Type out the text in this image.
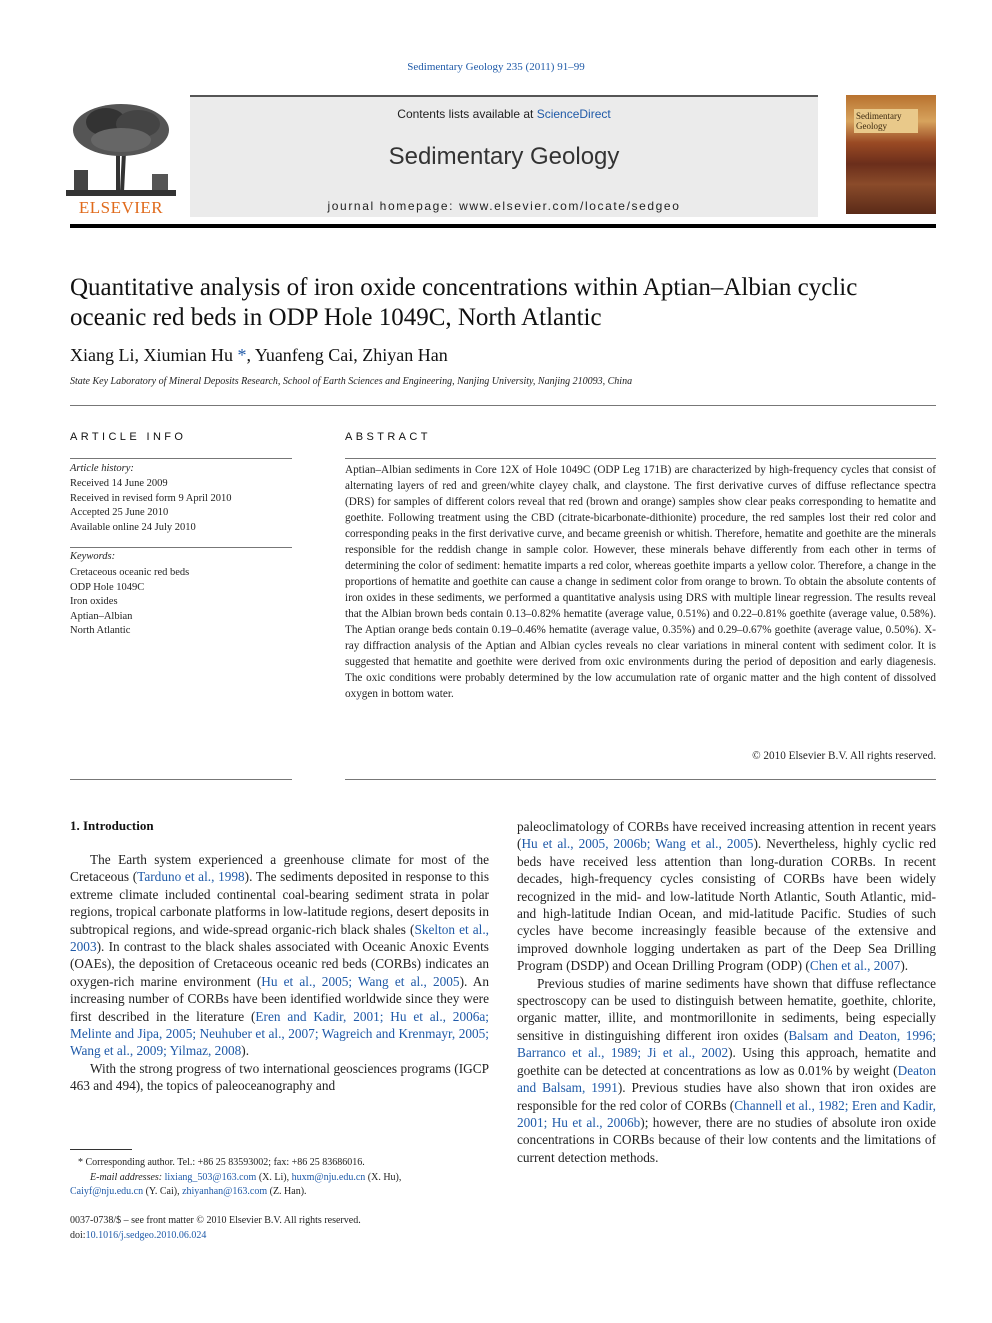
Sedimentary Geology 235 (2011) 91–99
ELSEVIER
Contents lists available at ScienceDirect
Sedimentary Geology
journal homepage: www.elsevier.com/locate/sedgeo
Sedimentary Geology
Quantitative analysis of iron oxide concentrations within Aptian–Albian cyclic oceanic red beds in ODP Hole 1049C, North Atlantic
Xiang Li, Xiumian Hu *, Yuanfeng Cai, Zhiyan Han
State Key Laboratory of Mineral Deposits Research, School of Earth Sciences and Engineering, Nanjing University, Nanjing 210093, China
ARTICLE INFO
Article history:
Received 14 June 2009
Received in revised form 9 April 2010
Accepted 25 June 2010
Available online 24 July 2010
Keywords:
Cretaceous oceanic red beds
ODP Hole 1049C
Iron oxides
Aptian–Albian
North Atlantic
ABSTRACT
Aptian–Albian sediments in Core 12X of Hole 1049C (ODP Leg 171B) are characterized by high-frequency cycles that consist of alternating layers of red and green/white clayey chalk, and claystone. The first derivative curves of diffuse reflectance spectra (DRS) for samples of different colors reveal that red (brown and orange) samples show clear peaks corresponding to hematite and goethite. Following treatment using the CBD (citrate-bicarbonate-dithionite) procedure, the red samples lost their red color and corresponding peaks in the first derivative curve, and became greenish or whitish. Therefore, hematite and goethite are the minerals responsible for the reddish change in sample color. However, these minerals behave differently from each other in terms of determining the color of sediment: hematite imparts a red color, whereas goethite imparts a yellow color. Therefore, a change in the proportions of hematite and goethite can cause a change in sediment color from orange to brown. To obtain the absolute contents of iron oxides in these sediments, we performed a quantitative analysis using DRS with multiple linear regression. The results reveal that the Albian brown beds contain 0.13–0.82% hematite (average value, 0.51%) and 0.22–0.81% goethite (average value, 0.58%). The Aptian orange beds contain 0.19–0.46% hematite (average value, 0.35%) and 0.29–0.67% goethite (average value, 0.50%). X-ray diffraction analysis of the Aptian and Albian cycles reveals no clear variations in mineral content with sediment color. It is suggested that hematite and goethite were derived from oxic environments during the period of deposition and early diagenesis. The oxic conditions were probably determined by the low accumulation rate of organic matter and the high content of dissolved oxygen in bottom water.
© 2010 Elsevier B.V. All rights reserved.
1. Introduction

The Earth system experienced a greenhouse climate for most of the Cretaceous (Tarduno et al., 1998). The sediments deposited in response to this extreme climate included continental coal-bearing sediment strata in polar regions, tropical carbonate platforms in low-latitude regions, desert deposits in subtropical regions, and wide-spread organic-rich black shales (Skelton et al., 2003). In contrast to the black shales associated with Oceanic Anoxic Events (OAEs), the deposition of Cretaceous oceanic red beds (CORBs) indicates an oxygen-rich marine environment (Hu et al., 2005; Wang et al., 2005). An increasing number of CORBs have been identified worldwide since they were first described in the literature (Eren and Kadir, 2001; Hu et al., 2006a; Melinte and Jipa, 2005; Neuhuber et al., 2007; Wagreich and Krenmayr, 2005; Wang et al., 2009; Yilmaz, 2008).

With the strong progress of two international geosciences programs (IGCP 463 and 494), the topics of paleoceanography and

paleoclimatology of CORBs have received increasing attention in recent years (Hu et al., 2005, 2006b; Wang et al., 2005). Nevertheless, highly cyclic red beds have received less attention than long-duration CORBs. In recent decades, high-frequency cycles consisting of CORBs have been widely recognized in the mid- and low-latitude North Atlantic, South Atlantic, mid- and high-latitude Indian Ocean, and mid-latitude Pacific. Studies of such cycles have become increasingly feasible because of the extensive and improved downhole logging undertaken as part of the Deep Sea Drilling Program (DSDP) and Ocean Drilling Program (ODP) (Chen et al., 2007).

Previous studies of marine sediments have shown that diffuse reflectance spectroscopy can be used to distinguish between hematite, goethite, chlorite, organic matter, illite, and montmorillonite in sediments, being especially sensitive in distinguishing different iron oxides (Balsam and Deaton, 1996; Barranco et al., 1989; Ji et al., 2002). Using this approach, hematite and goethite can be detected at concentrations as low as 0.01% by weight (Deaton and Balsam, 1991). Previous studies have also shown that iron oxides are responsible for the red color of CORBs (Channell et al., 1982; Eren and Kadir, 2001; Hu et al., 2006b); however, there are no studies of absolute iron oxide concentrations in CORBs because of their low contents and the limitations of current detection methods.

* Corresponding author. Tel.: +86 25 83593002; fax: +86 25 83686016.
E-mail addresses: lixiang_503@163.com (X. Li), huxm@nju.edu.cn (X. Hu),
Caiyf@nju.edu.cn (Y. Cai), zhiyanhan@163.com (Z. Han).
0037-0738/$ – see front matter © 2010 Elsevier B.V. All rights reserved.
doi:10.1016/j.sedgeo.2010.06.024
